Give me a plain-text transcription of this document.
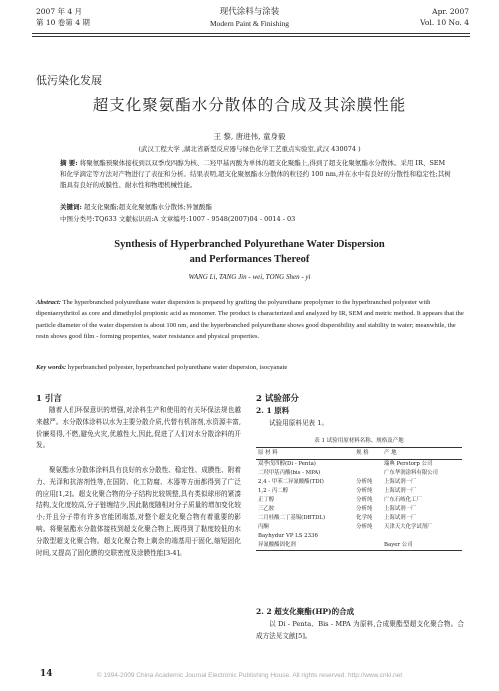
2007 年 4 月
第 10 卷第 4 期
现代涂料与涂装
Modern Paint & Finishing
Apr. 2007
Vol. 10 No. 4
低污染化发展
超支化聚氨酯水分散体的合成及其涂膜性能
王 黎, 唐进伟, 童身毅
(武汉工程大学 ,湖北省新型反应器与绿色化学工艺重点实验室,武汉 430074 )
摘 要: 将聚氨酯预聚体接枝到以双季戊四醇为核、二羟甲基丙酸为单体的超支化聚酯上,得到了超支化聚氨酯水分散体。采用 IR、SEM 和化学滴定等方法对产物进行了表征和分析。结果表明,超支化聚氨酯水分散体的粒径约 100 nm,并在水中有良好的分散性和稳定性;其树脂具有良好的成膜性、耐水性和物理机械性能。
关键词: 超支化聚酯;超支化聚氨酯水分散体;异氰酸酯
中图分类号:TQ633 文献标识码:A 文章编号:1007 - 9548(2007)04 - 0014 - 03
Synthesis of Hyperbranched Polyurethane Water Dispersion
and Performances Thereof
WANG Li, TANG Jin - wei, TONG Shen - yi
Abstract: The hyperbranched polyurethane water dispersion is prepared by grafting the polyurethane prepolymer to the hyperbranched polyester with dipentaerythritol as core and dimethylol propionic acid as monomer. The product is characterized and analyzed by IR, SEM and metric method. It appears that the particle diameter of the water dispersion is about 100 nm, and the hyperbranched polyurethane shows good dispersibility and stability in water; meanwhile, the resin shows good film - forming properties, water resistance and physical properties.
Key words: hyperbranched polyester, hyperbranched polyurethane water dispersion, isocyanate
1 引言
随着人们环保意识的增强,对涂料生产和使用的有关环保法规也越来越严。水分散体涂料以水为主要分散介质,代替有机溶剂,水资源丰富,价廉易得,不燃,避免火灾,优越性大,因此,促进了人们对水分散涂料的开发。
聚氨酯水分散体涂料具有良好的水分散性、稳定性、成膜性、附着力、光泽和抗溶剂性等,在国防、化工防腐、木器等方面都得到了广泛的应用[1,2]。超支化聚合物的分子结构比较规整,具有类似球形的紧凑结构,支化度较高,分子链缠结少,因此黏度随相对分子质量的增加变化较小;并且分子带有许多官能团端基,对整个超支化聚合物有着重要的影响。将聚氨酯水分散体接枝到超支化聚合物上,既得到了黏度较低的水分散型超支化聚合物。超支化聚合物上剩余的端基用于固化,缩短固化时间,又提高了固化膜的交联密度及涂膜性能[3-4]。
2 试验部分
2. 1 原料
试验用原料见表 1。
表 1 试验用原材料名称、规格及产地
原 材 料	规 格	产 地
双季戊四醇(Di - Penta)		瑞典 Perstorp 公司
二羟甲基丙酸(bis - MPA)		广东华润涂料有限公司
2,4 - 甲苯二异氰酸酯(TDI)	分析纯	上海试剂一厂
1,2 - 丙二醇	分析纯	上海试剂一厂
正丁醇	分析纯	广东石岐化工厂
三乙胺	分析纯	上海试剂一厂
二月桂酸二丁基锡(DBTDL)	化学纯	上海试剂一厂
丙酮	分析纯	天津天大化学试剂厂
Bayhydur VP LS 2336		
异氰酸酯固化剂		Bayer 公司
2. 2 超支化聚酯(HP)的合成
以 Di - Penta、Bis - MPA 为原料,合成聚酯型超支化聚合物。合成方法见文献[5]。
14	© 1994-2009 China Academic Journal Electronic Publishing House. All rights reserved. http://www.cnki.net
